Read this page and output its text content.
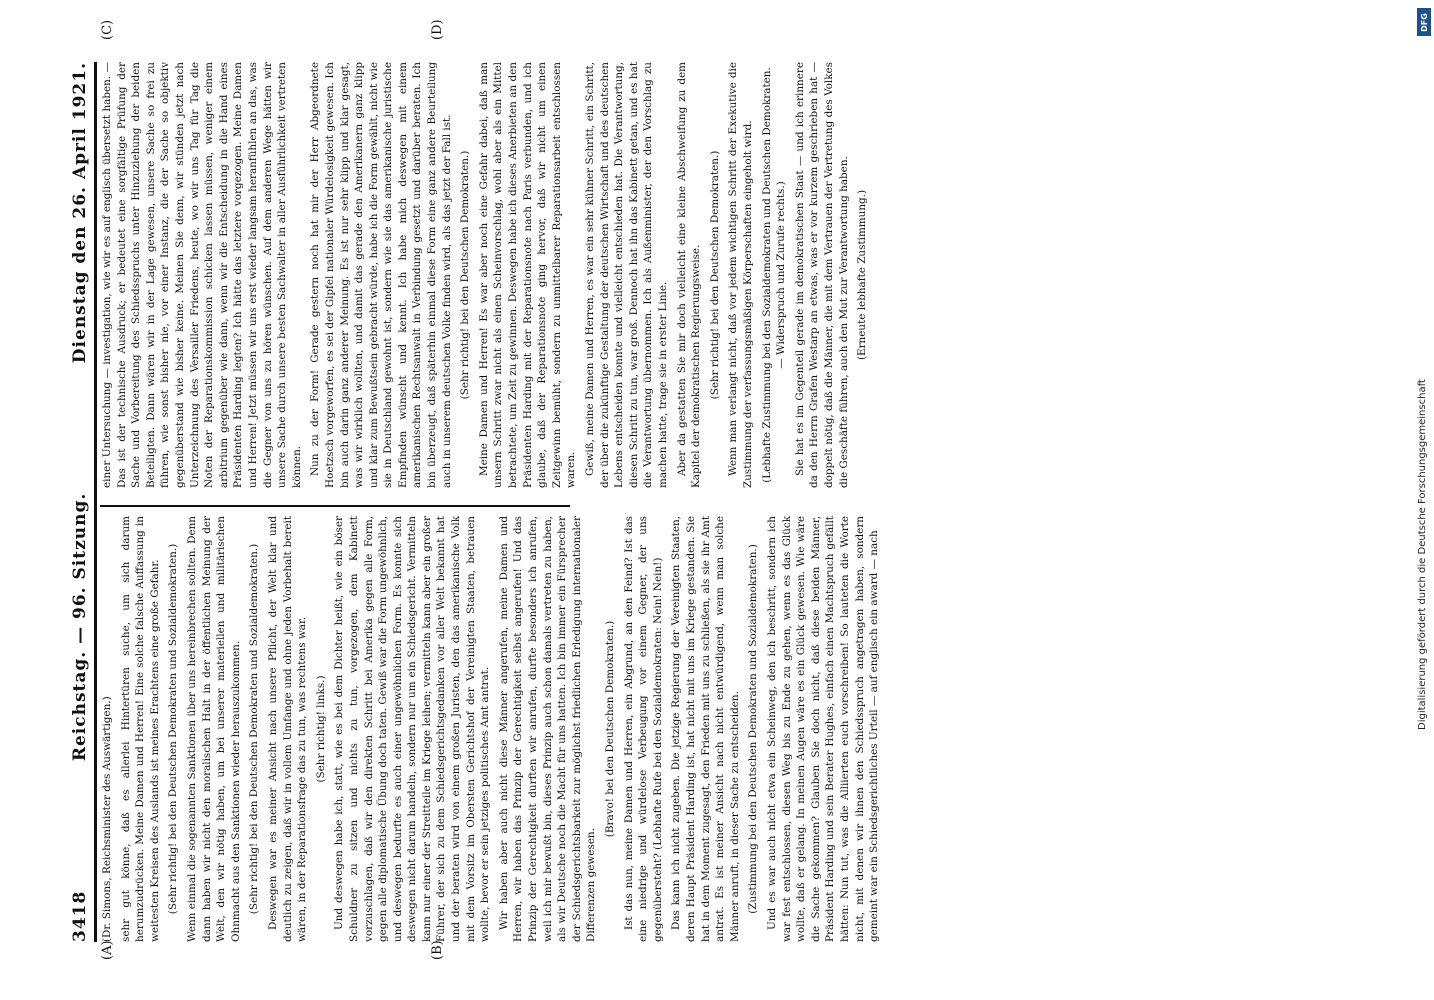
3418
Reichstag. — 96. Sitzung.
Dienstag den 26. April 1921.
(A)	(B)
(C)	(D)

(Dr. Simons, Reichsminister des Auswärtigen.) sehr gut könne, daß es allerlei Hintertüren suche, um sich darum herumzudrücken. Meine Damen und Herren! Eine solche falsche Auffassung in weitesten Kreisen des Auslands ist meines Erachtens eine große Gefahr. (Sehr richtig! bei den Deutschen Demokraten und Sozialdemokraten.) Wenn einmal die sogenannten Sanktionen über uns hereinbrechen sollten. Denn dann haben wir nicht den moralischen Halt in der öffentlichen Meinung der Welt, den wir nötig haben, um bei unserer materiellen und militärischen Ohnmacht aus den Sanktionen wieder herauszukommen. (Sehr richtig! bei den Deutschen Demokraten und Sozialdemokraten.) Deswegen war es meiner Ansicht nach unsere Pflicht, der Welt klar und deutlich zu zeigen, daß wir in vollem Umfange und ohne jeden Vorbehalt bereit wären, in der Reparationsfrage das zu tun, was rechtens war. (Sehr richtig! links.) Und deswegen habe ich, statt, wie es bei dem Dichter heißt, wie ein böser Schuldner zu sitzen und nichts zu tun, vorgezogen, dem Kabinett vorzuschlagen, daß wir den direkten Schritt bei Amerika gegen alle Form, gegen alle diplomatische Übung doch taten. Gewiß war die Form ungewöhnlich, und deswegen bedurfte es auch einer ungewöhnlichen Form. Es konnte sich deswegen nicht darum handeln, sondern nur um ein Schiedsgericht. Vermitteln kann nur einer der Streitteile im Kriege leihen; vermitteln kann aber ein großer Führer, der sich zu dem Schiedsgerichtsgedanken vor aller Welt bekannt hat und der beraten wird von einem großen Juristen, den das amerikanische Volk mit dem Vorsitz im Obersten Gerichtshof der Vereinigten Staaten, betrauen wollte, bevor er sein jetziges politisches Amt antrat. Wir haben aber auch nicht diese Männer angerufen, meine Damen und Herren, wir haben das Prinzip der Gerechtigkeit selbst angerufen! Und das Prinzip der Gerechtigkeit durften wir anrufen, durfte besonders ich anrufen, weil ich mir bewußt bin, dieses Prinzip auch schon damals vertreten zu haben, als wir Deutsche noch die Macht für uns hatten. Ich bin immer ein Fürsprecher der Schiedsgerichtsbarkeit zur möglichst friedlichen Erledigung internationaler Differenzen gewesen.

(Bravo! bei den Deutschen Demokraten.) Ist das nun, meine Damen und Herren, ein Abgrund, an den Feind? Ist das eine niedrige und würdelose Verbeugung vor einem Gegner, der uns gegenübersteht? (Lebhafte Rufe bei den Sozialdemokraten: Nein! Nein!) Das kann ich nicht zugeben. Die jetzige Regierung der Vereinigten Staaten, deren Haupt Präsident Harding ist, hat nicht mit uns im Kriege gestanden. Sie hat in dem Moment zugesagt, den Frieden mit uns zu schließen, als sie ihr Amt antrat. Es ist meiner Ansicht nach nicht entwürdigend, wenn man solche Männer anruft, in dieser Sache zu entscheiden. (Zustimmung bei den Deutschen Demokraten und Sozialdemokraten.) Und es war auch nicht etwa ein Scheinweg, den ich beschritt, sondern ich war fest entschlossen, diesen Weg bis zu Ende zu gehen, wenn es das Glück wollte, daß er gelang. In meinen Augen wäre es ein Glück gewesen. Wie wäre die Sache gekommen? Glauben Sie doch nicht, daß diese beiden Männer, Präsident Harding und sein Berater Hughes, einfach einen Machtspruch gefällt hätten: Nun tut, was die Alliierten euch vorschreiben! So lauteten die Worte nicht, mit denen wir ihnen den Schiedsspruch angetragen haben, sondern gemeint war ein Schiedsgerichtliches Urteil — auf englisch ein award — nach

einer Untersuchung — investigation, wie wir es auf englisch übersetzt haben. — Das ist der technische Ausdruck; er bedeutet eine sorgfältige Prüfung der Sache und Vorbereitung des Schiedsspruchs unter Hinzuziehung der beiden Beteiligten. Dann wären wir in der Lage gewesen, unsere Sache so frei zu führen, wie sonst bisher nie, vor einer Instanz, die der Sache so objektiv gegenüberstand wie bisher keine. Meinen Sie denn, wir stünden jetzt nach Unterzeichnung des Versailler Friedens, heute, wo wir uns Tag für Tag die Noten der Reparationskommission schicken lassen müssen, weniger einem arbitrium gegenüber wie dann, wenn wir die Entscheidung in die Hand eines Präsidenten Harding legten? Ich hätte das letztere vorgezogen. Meine Damen und Herren! Jetzt müssen wir uns erst wieder langsam heranfühlen an das, was die Gegner von uns zu hören wünschen. Auf dem anderen Wege hätten wir unsere Sache durch unsere besten Sachwalter in aller Ausführlichkeit vertreten können. Nun zu der Form! Gerade gestern noch hat mir der Herr Abgeordnete Hoetzsch vorgeworfen, es sei der Gipfel nationaler Würdelosigkeit gewesen. Ich bin auch darin ganz anderer Meinung. Es ist nur sehr klipp und klar gesagt, was wir wirklich wollten, und damit das gerade den Amerikanern ganz klipp und klar zum Bewußtsein gebracht würde, habe ich die Form gewählt, nicht wie sie in Deutschland gewohnt ist, sondern wie sie das amerikanische juristische Empfinden wünscht und kennt. Ich habe mich deswegen mit einem amerikanischen Rechtsanwalt in Verbindung gesetzt und darüber beraten. Ich bin überzeugt, daß späterhin einmal diese Form eine ganz andere Beurteilung auch in unserem deutschen Volke finden wird, als das jetzt der Fall ist. (Sehr richtig! bei den Deutschen Demokraten.) Meine Damen und Herren! Es war aber noch eine Gefahr dabei, daß man unsern Schritt zwar nicht als einen Scheinvorschlag, wohl aber als ein Mittel betrachtete, um Zeit zu gewinnen. Deswegen habe ich dieses Anerbieten an den Präsidenten Harding mit der Reparationsnote nach Paris verbunden, und ich glaube, daß der Reparationsnote ging hervor, daß wir nicht um einen Zeitgewinn bemüht, sondern zu unmittelbarer Reparationsarbeit entschlossen waren. Gewiß, meine Damen und Herren, es war ein sehr kühner Schritt, ein Schritt, der über die zukünftige Gestaltung der deutschen Wirtschaft und des deutschen Lebens entscheiden konnte und vielleicht entschieden hat. Die Verantwortung, diesen Schritt zu tun, war groß. Dennoch hat ihn das Kabinett getan, und es hat die Verantwortung übernommen. Ich als Außenminister, der den Vorschlag zu machen hatte, trage sie in erster Linie. Aber da gestatten Sie mir doch vielleicht eine kleine Abschweifung zu dem Kapitel der demokratischen Regierungsweise. (Sehr richtig! bei den Deutschen Demokraten.) Wenn man verlangt nicht, daß vor jedem wichtigen Schritt der Exekutive die Zustimmung der verfassungsmäßigen Körperschaften eingeholt wird. (Lebhafte Zustimmung bei den Sozialdemokraten und Deutschen Demokraten. — Widerspruch und Zurufe rechts.) Sie hat es im Gegenteil gerade im demokratischen Staat — und ich erinnere da den Herrn Grafen Westarp an etwas, was er vor kurzem geschrieben hat — doppelt nötig, daß die Männer, die mit dem Vertrauen der Vertretung des Volkes die Geschäfte führen, auch den Mut zur Verantwortung haben. (Erneute lebhafte Zustimmung.)

DFG
Digitalisierung gefördert durch die Deutsche Forschungsgemeinschaft
